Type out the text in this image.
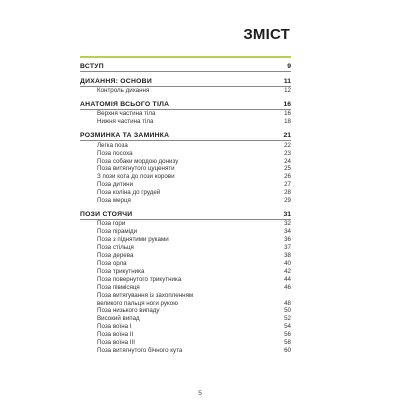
ЗМІСТ
ВСТУП	9
ДИХАННЯ: ОСНОВИ	11
Контроль дихання	12
АНАТОМІЯ ВСЬОГО ТІЛА	16
Верхня частина тіла	16
Нижня частина тіла	18
РОЗМИНКА ТА ЗАМИНКА	21
Легка поза	22
Поза посоха	23
Поза собаки мордою донизу	24
Поза витягнутого цуценяти	25
З пози кота до пози корови	26
Поза дитини	27
Поза коліна до грудей	28
Поза мерця	29
ПОЗИ СТОЯЧИ	31
Поза гори	32
Поза піраміди	34
Поза з піднятими руками	36
Поза стільця	37
Поза дерева	38
Поза орла	40
Поза трикутника	42
Поза повернутого трикутника	44
Поза півмісяця	46
Поза витягування із захопленням
великого пальця ноги рукою	48
Поза низького випаду	50
Високий випад	52
Поза воїна I	54
Поза воїна II	56
Поза воїна III	58
Поза витягнутого бічного кута	60
5
